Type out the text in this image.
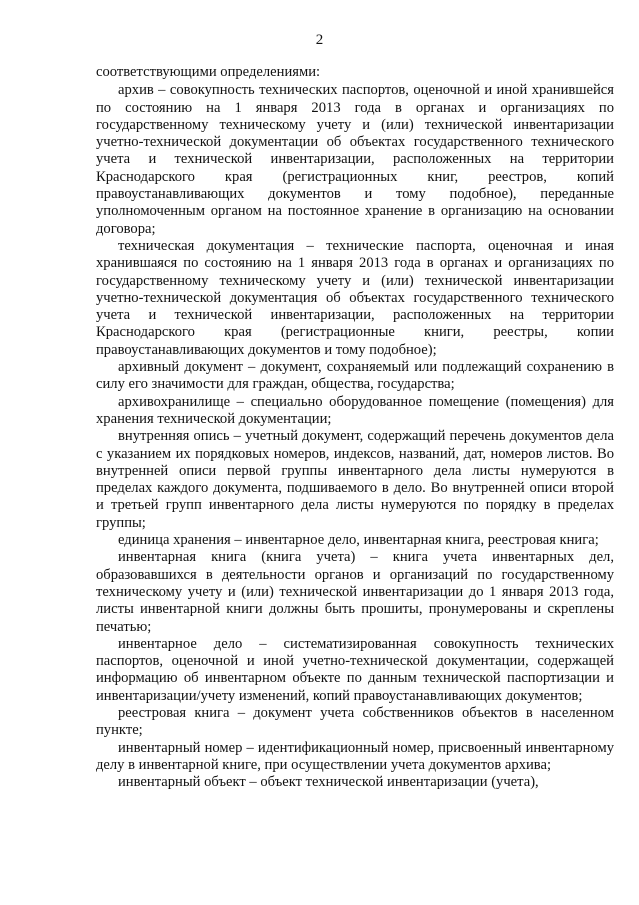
2

соответствующими определениями:

архив – совокупность технических паспортов, оценочной и иной хранившейся по состоянию на 1 января 2013 года в органах и организациях по государственному техническому учету и (или) технической инвентаризации учетно-технической документации об объектах государственного технического учета и технической инвентаризации, расположенных на территории Краснодарского края (регистрационных книг, реестров, копий правоустанавливающих документов и тому подобное), переданные уполномоченным органом на постоянное хранение в организацию на основании договора;

техническая документация – технические паспорта, оценочная и иная хранившаяся по состоянию на 1 января 2013 года в органах и организациях по государственному техническому учету и (или) технической инвентаризации учетно-технической документация об объектах государственного технического учета и технической инвентаризации, расположенных на территории Краснодарского края (регистрационные книги, реестры, копии правоустанавливающих документов и тому подобное);

архивный документ – документ, сохраняемый или подлежащий сохранению в силу его значимости для граждан, общества, государства;

архивохранилище – специально оборудованное помещение (помещения) для хранения технической документации;

внутренняя опись – учетный документ, содержащий перечень документов дела с указанием их порядковых номеров, индексов, названий, дат, номеров листов. Во внутренней описи первой группы инвентарного дела листы нумеруются в пределах каждого документа, подшиваемого в дело. Во внутренней описи второй и третьей групп инвентарного дела листы нумеруются по порядку в пределах группы;

единица хранения – инвентарное дело, инвентарная книга, реестровая книга;

инвентарная книга (книга учета) – книга учета инвентарных дел, образовавшихся в деятельности органов и организаций по государственному техническому учету и (или) технической инвентаризации до 1 января 2013 года, листы инвентарной книги должны быть прошиты, пронумерованы и скреплены печатью;

инвентарное дело – систематизированная совокупность технических паспортов, оценочной и иной учетно-технической документации, содержащей информацию об инвентарном объекте по данным технической паспортизации и инвентаризации/учету изменений, копий правоустанавливающих документов;

реестровая книга – документ учета собственников объектов в населенном пункте;

инвентарный номер – идентификационный номер, присвоенный инвентарному делу в инвентарной книге, при осуществлении учета документов архива;

инвентарный объект – объект технической инвентаризации (учета),
